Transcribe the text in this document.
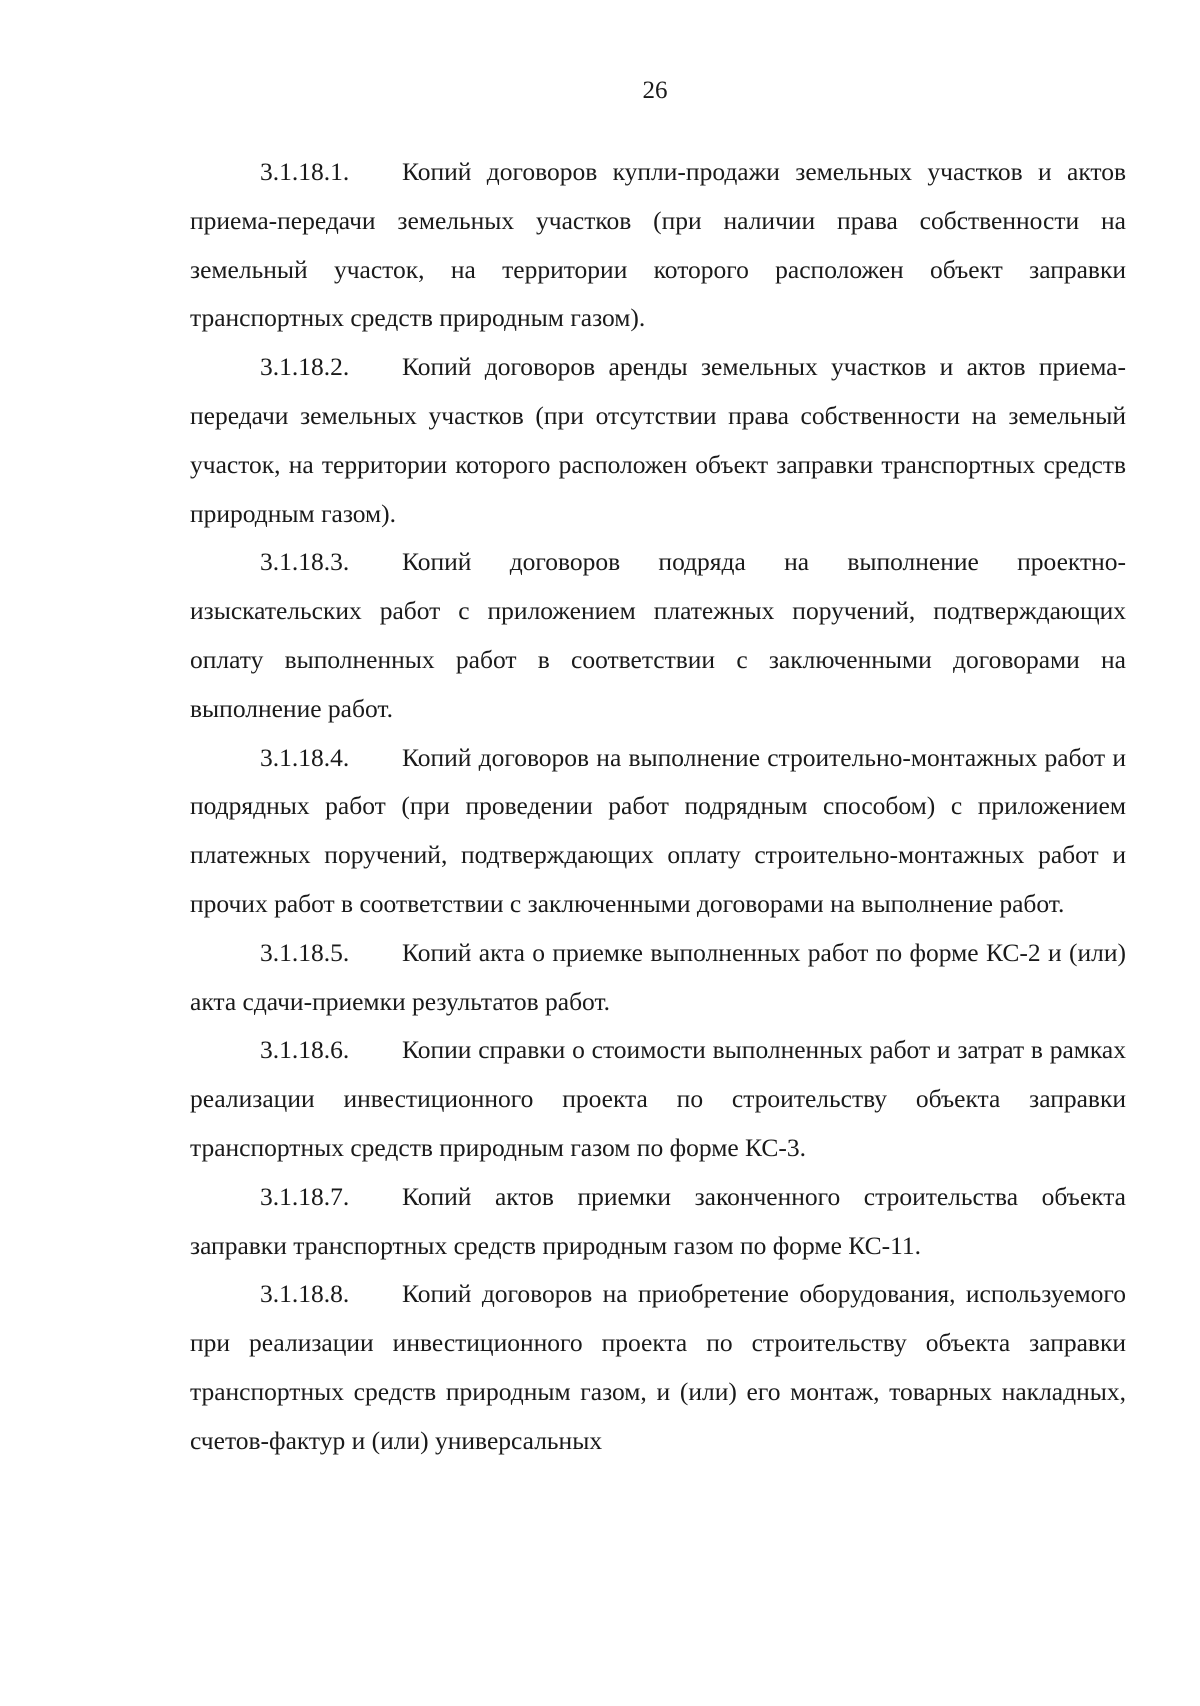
26

3.1.18.1. Копий договоров купли-продажи земельных участков и актов приема-передачи земельных участков (при наличии права собственности на земельный участок, на территории которого расположен объект заправки транспортных средств природным газом).

3.1.18.2. Копий договоров аренды земельных участков и актов приема-передачи земельных участков (при отсутствии права собственности на земельный участок, на территории которого расположен объект заправки транспортных средств природным газом).

3.1.18.3. Копий договоров подряда на выполнение проектно-изыскательских работ с приложением платежных поручений, подтверждающих оплату выполненных работ в соответствии с заключенными договорами на выполнение работ.

3.1.18.4. Копий договоров на выполнение строительно-монтажных работ и подрядных работ (при проведении работ подрядным способом) с приложением платежных поручений, подтверждающих оплату строительно-монтажных работ и прочих работ в соответствии с заключенными договорами на выполнение работ.

3.1.18.5. Копий акта о приемке выполненных работ по форме КС-2 и (или) акта сдачи-приемки результатов работ.

3.1.18.6. Копии справки о стоимости выполненных работ и затрат в рамках реализации инвестиционного проекта по строительству объекта заправки транспортных средств природным газом по форме КС-3.

3.1.18.7. Копий актов приемки законченного строительства объекта заправки транспортных средств природным газом по форме КС-11.

3.1.18.8. Копий договоров на приобретение оборудования, используемого при реализации инвестиционного проекта по строительству объекта заправки транспортных средств природным газом, и (или) его монтаж, товарных накладных, счетов-фактур и (или) универсальных
